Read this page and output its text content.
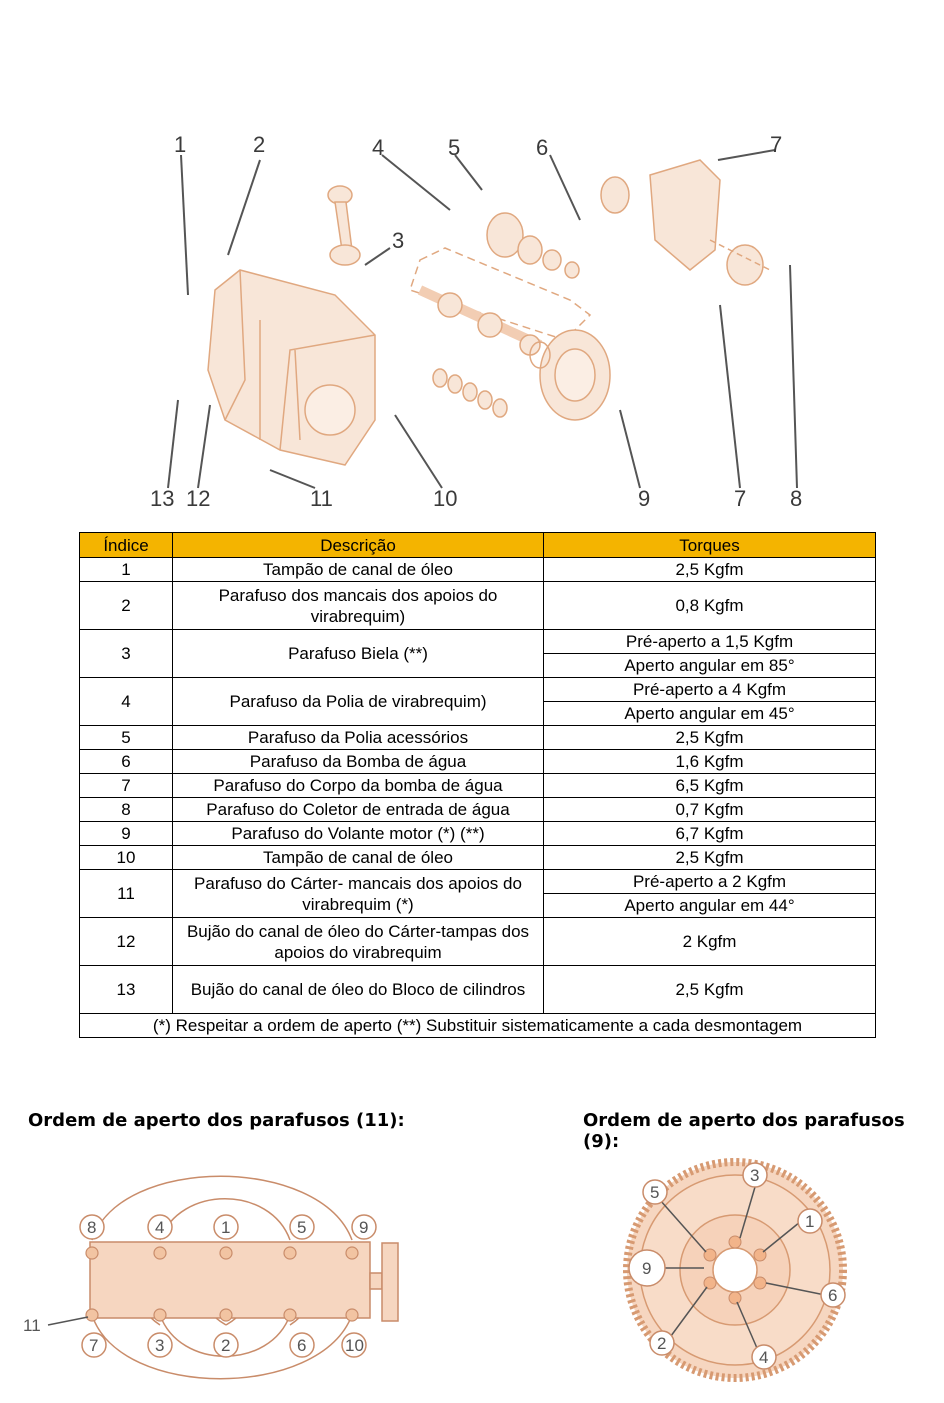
1	2
3
4	5	6	7
7 8
9
10
11
12
13
Índice	Descrição	Torques
1	Tampão de canal de óleo	2,5 Kgfm
2	Parafuso dos mancais dos apoios do virabrequim)	0,8 Kgfm
3	Parafuso Biela (**)	Pré-aperto a 1,5 Kgfm
		Aperto angular em 85°
4	Parafuso da Polia de virabrequim)	Pré-aperto a 4 Kgfm
		Aperto angular em 45°
5	Parafuso da Polia acessórios	2,5 Kgfm
6	Parafuso da Bomba de água	1,6 Kgfm
7	Parafuso do Corpo da bomba de água	6,5 Kgfm
8	Parafuso do Coletor de entrada de água	0,7 Kgfm
9	Parafuso do Volante motor (*) (**)	6,7 Kgfm
10	Tampão de canal de óleo	2,5 Kgfm
11	Parafuso do Cárter- mancais dos apoios do virabrequim (*)	Pré-aperto a 2 Kgfm
		Aperto angular em 44°
12	Bujão do canal de óleo do Cárter-tampas dos apoios do virabrequim	2 Kgfm
13	Bujão do canal de óleo do Bloco de cilindros	2,5 Kgfm
(*) Respeitar a ordem de aperto (**) Substituir sistematicamente a cada desmontagem		
Ordem de aperto dos parafusos (11):	Ordem de aperto dos parafusos (9):
11
8	4	1	5	9
7	3	2	6 10
3
1
6
4
2
5
9
